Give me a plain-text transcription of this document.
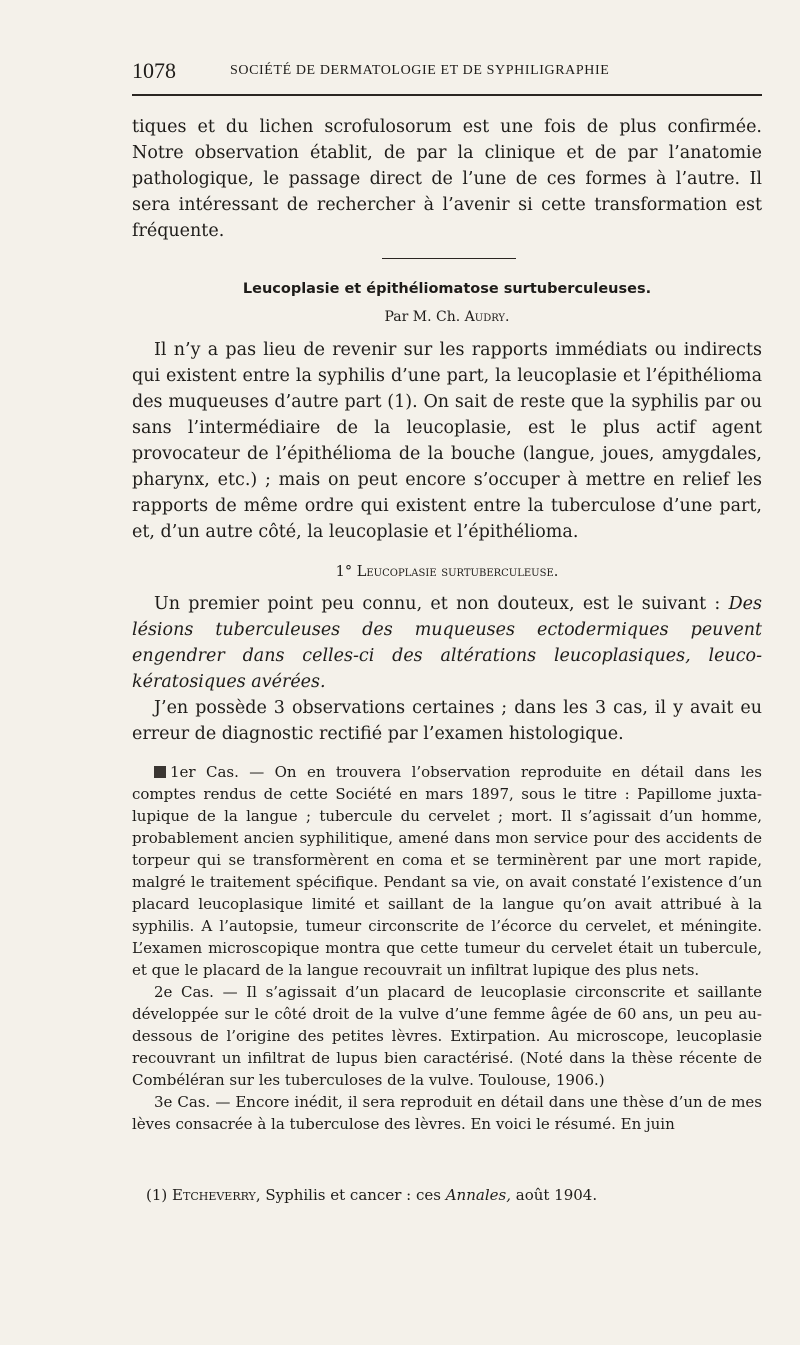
1078	SOCIÉTÉ DE DERMATOLOGIE ET DE SYPHILIGRAPHIE

tiques et du lichen scrofulosorum est une fois de plus confirmée. Notre observation établit, de par la clinique et de par l’anatomie pathologique, le passage direct de l’une de ces formes à l’autre. Il sera intéressant de rechercher à l’avenir si cette transformation est fréquente.

Leucoplasie et épithéliomatose surtuberculeuses.
Par M. Ch. Audry.

Il n’y a pas lieu de revenir sur les rapports immédiats ou indirects qui existent entre la syphilis d’une part, la leucoplasie et l’épithélioma des muqueuses d’autre part (1). On sait de reste que la syphilis par ou sans l’intermédiaire de la leucoplasie, est le plus actif agent provocateur de l’épithélioma de la bouche (langue, joues, amygdales, pharynx, etc.) ; mais on peut encore s’occuper à mettre en relief les rapports de même ordre qui existent entre la tuberculose d’une part, et, d’un autre côté, la leucoplasie et l’épithélioma.

1° Leucoplasie surtuberculeuse.

Un premier point peu connu, et non douteux, est le suivant : Des lésions tuberculeuses des muqueuses ectodermiques peuvent engendrer dans celles-ci des altérations leucoplasiques, leuco-kératosiques avérées.

J’en possède 3 observations certaines ; dans les 3 cas, il y avait eu erreur de diagnostic rectifié par l’examen histologique.

1er Cas. — On en trouvera l’observation reproduite en détail dans les comptes rendus de cette Société en mars 1897, sous le titre : Papillome juxta-lupique de la langue ; tubercule du cervelet ; mort. Il s’agissait d’un homme, probablement ancien syphilitique, amené dans mon service pour des accidents de torpeur qui se transformèrent en coma et se terminèrent par une mort rapide, malgré le traitement spécifique. Pendant sa vie, on avait constaté l’existence d’un placard leucoplasique limité et saillant de la langue qu’on avait attribué à la syphilis. A l’autopsie, tumeur circonscrite de l’écorce du cervelet, et méningite. L’examen microscopique montra que cette tumeur du cervelet était un tubercule, et que le placard de la langue recouvrait un infiltrat lupique des plus nets.

2e Cas. — Il s’agissait d’un placard de leucoplasie circonscrite et saillante développée sur le côté droit de la vulve d’une femme âgée de 60 ans, un peu au-dessous de l’origine des petites lèvres. Extirpation. Au microscope, leucoplasie recouvrant un infiltrat de lupus bien caractérisé. (Noté dans la thèse récente de Combéléran sur les tuberculoses de la vulve. Toulouse, 1906.)

3e Cas. — Encore inédit, il sera reproduit en détail dans une thèse d’un de mes lèves consacrée à la tuberculose des lèvres. En voici le résumé. En juin

(1) Etcheverry, Syphilis et cancer : ces Annales, août 1904.
